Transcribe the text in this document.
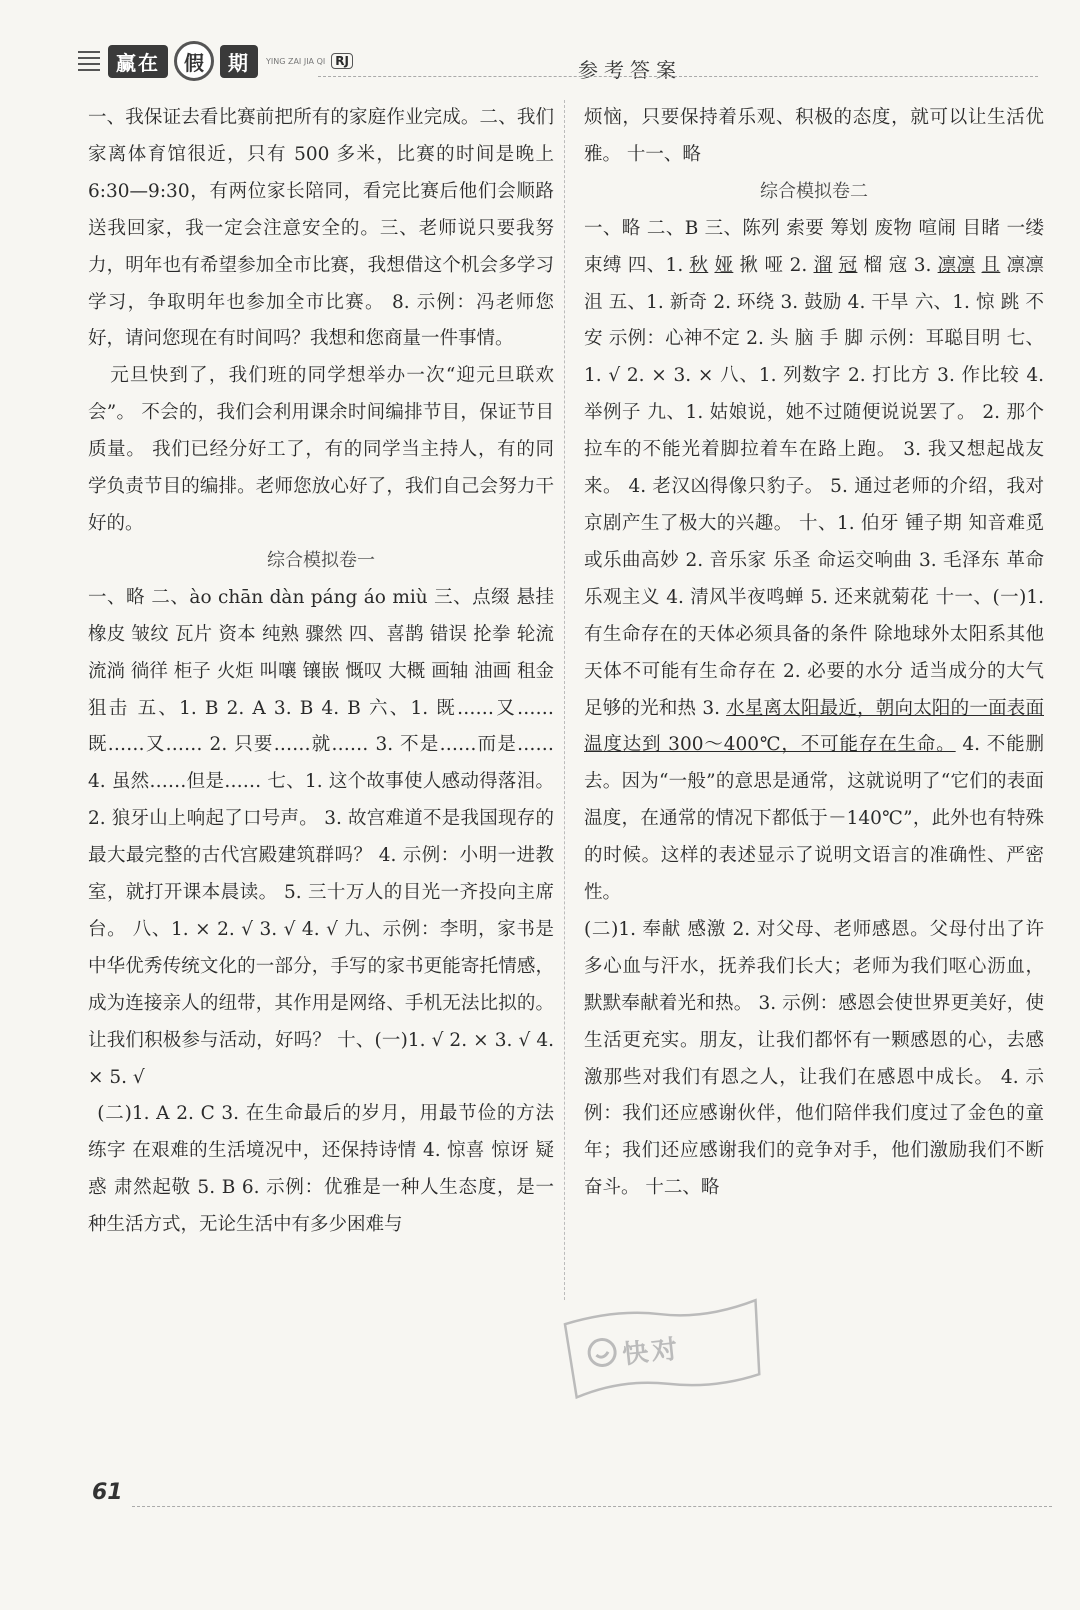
赢在	假	期	YING ZAI JIA QI RJ	参考答案

一、我保证去看比赛前把所有的家庭作业完成。二、我们家离体育馆很近，只有 500 多米，比赛的时间是晚上 6:30—9:30，有两位家长陪同，看完比赛后他们会顺路送我回家，我一定会注意安全的。三、老师说只要我努力，明年也有希望参加全市比赛，我想借这个机会多学习学习，争取明年也参加全市比赛。 8. 示例：冯老师您好，请问您现在有时间吗？我想和您商量一件事情。

元旦快到了，我们班的同学想举办一次“迎元旦联欢会”。 不会的，我们会利用课余时间编排节目，保证节目质量。 我们已经分好工了，有的同学当主持人，有的同学负责节目的编排。老师您放心好了，我们自己会努力干好的。

综合模拟卷一

一、略 二、ào chān dàn páng áo miù 三、点缀 悬挂 橡皮 皱纹 瓦片 资本 纯熟 骤然 四、喜鹊 错误 抡拳 轮流 流淌 徜徉 柜子 火炬 叫嚷 镶嵌 慨叹 大概 画轴 油画 租金 狙击 五、1. B 2. A 3. B 4. B 六、1. 既……又…… 既……又…… 2. 只要……就…… 3. 不是……而是…… 4. 虽然……但是…… 七、1. 这个故事使人感动得落泪。 2. 狼牙山上响起了口号声。 3. 故宫难道不是我国现存的最大最完整的古代宫殿建筑群吗？ 4. 示例：小明一进教室，就打开课本晨读。 5. 三十万人的目光一齐投向主席台。 八、1. × 2. √ 3. √ 4. √ 九、示例：李明，家书是中华优秀传统文化的一部分，手写的家书更能寄托情感，成为连接亲人的纽带，其作用是网络、手机无法比拟的。让我们积极参与活动，好吗？ 十、(一)1. √ 2. × 3. √ 4. × 5. √

(二)1. A 2. C 3. 在生命最后的岁月，用最节俭的方法练字 在艰难的生活境况中，还保持诗情 4. 惊喜 惊讶 疑惑 肃然起敬 5. B 6. 示例：优雅是一种人生态度，是一种生活方式，无论生活中有多少困难与

烦恼，只要保持着乐观、积极的态度，就可以让生活优雅。 十一、略

综合模拟卷二

一、略 二、B 三、陈列 索要 筹划 废物 喧闹 目睹 一缕 束缚 四、1. 秋 娅 揪 哑 2. 溜 冠 榴 寇 3. 凛凛 且 凛凛 沮 五、1. 新奇 2. 环绕 3. 鼓励 4. 干旱 六、1. 惊 跳 不 安 示例：心神不定 2. 头 脑 手 脚 示例：耳聪目明 七、1. √ 2. × 3. × 八、1. 列数字 2. 打比方 3. 作比较 4. 举例子 九、1. 姑娘说，她不过随便说说罢了。 2. 那个拉车的不能光着脚拉着车在路上跑。 3. 我又想起战友来。 4. 老汉凶得像只豹子。 5. 通过老师的介绍，我对京剧产生了极大的兴趣。 十、1. 伯牙 锺子期 知音难觅或乐曲高妙 2. 音乐家 乐圣 命运交响曲 3. 毛泽东 革命乐观主义 4. 清风半夜鸣蝉 5. 还来就菊花 十一、(一)1. 有生命存在的天体必须具备的条件 除地球外太阳系其他天体不可能有生命存在 2. 必要的水分 适当成分的大气 足够的光和热 3. 水星离太阳最近，朝向太阳的一面表面温度达到 300～400℃，不可能存在生命。 4. 不能删去。因为“一般”的意思是通常，这就说明了“它们的表面温度，在通常的情况下都低于－140℃”，此外也有特殊的时候。这样的表述显示了说明文语言的准确性、严密性。

(二)1. 奉献 感激 2. 对父母、老师感恩。父母付出了许多心血与汗水，抚养我们长大；老师为我们呕心沥血，默默奉献着光和热。 3. 示例：感恩会使世界更美好，使生活更充实。朋友，让我们都怀有一颗感恩的心，去感激那些对我们有恩之人，让我们在感恩中成长。 4. 示例：我们还应感谢伙伴，他们陪伴我们度过了金色的童年；我们还应感谢我们的竞争对手，他们激励我们不断奋斗。 十二、略

快对
61
